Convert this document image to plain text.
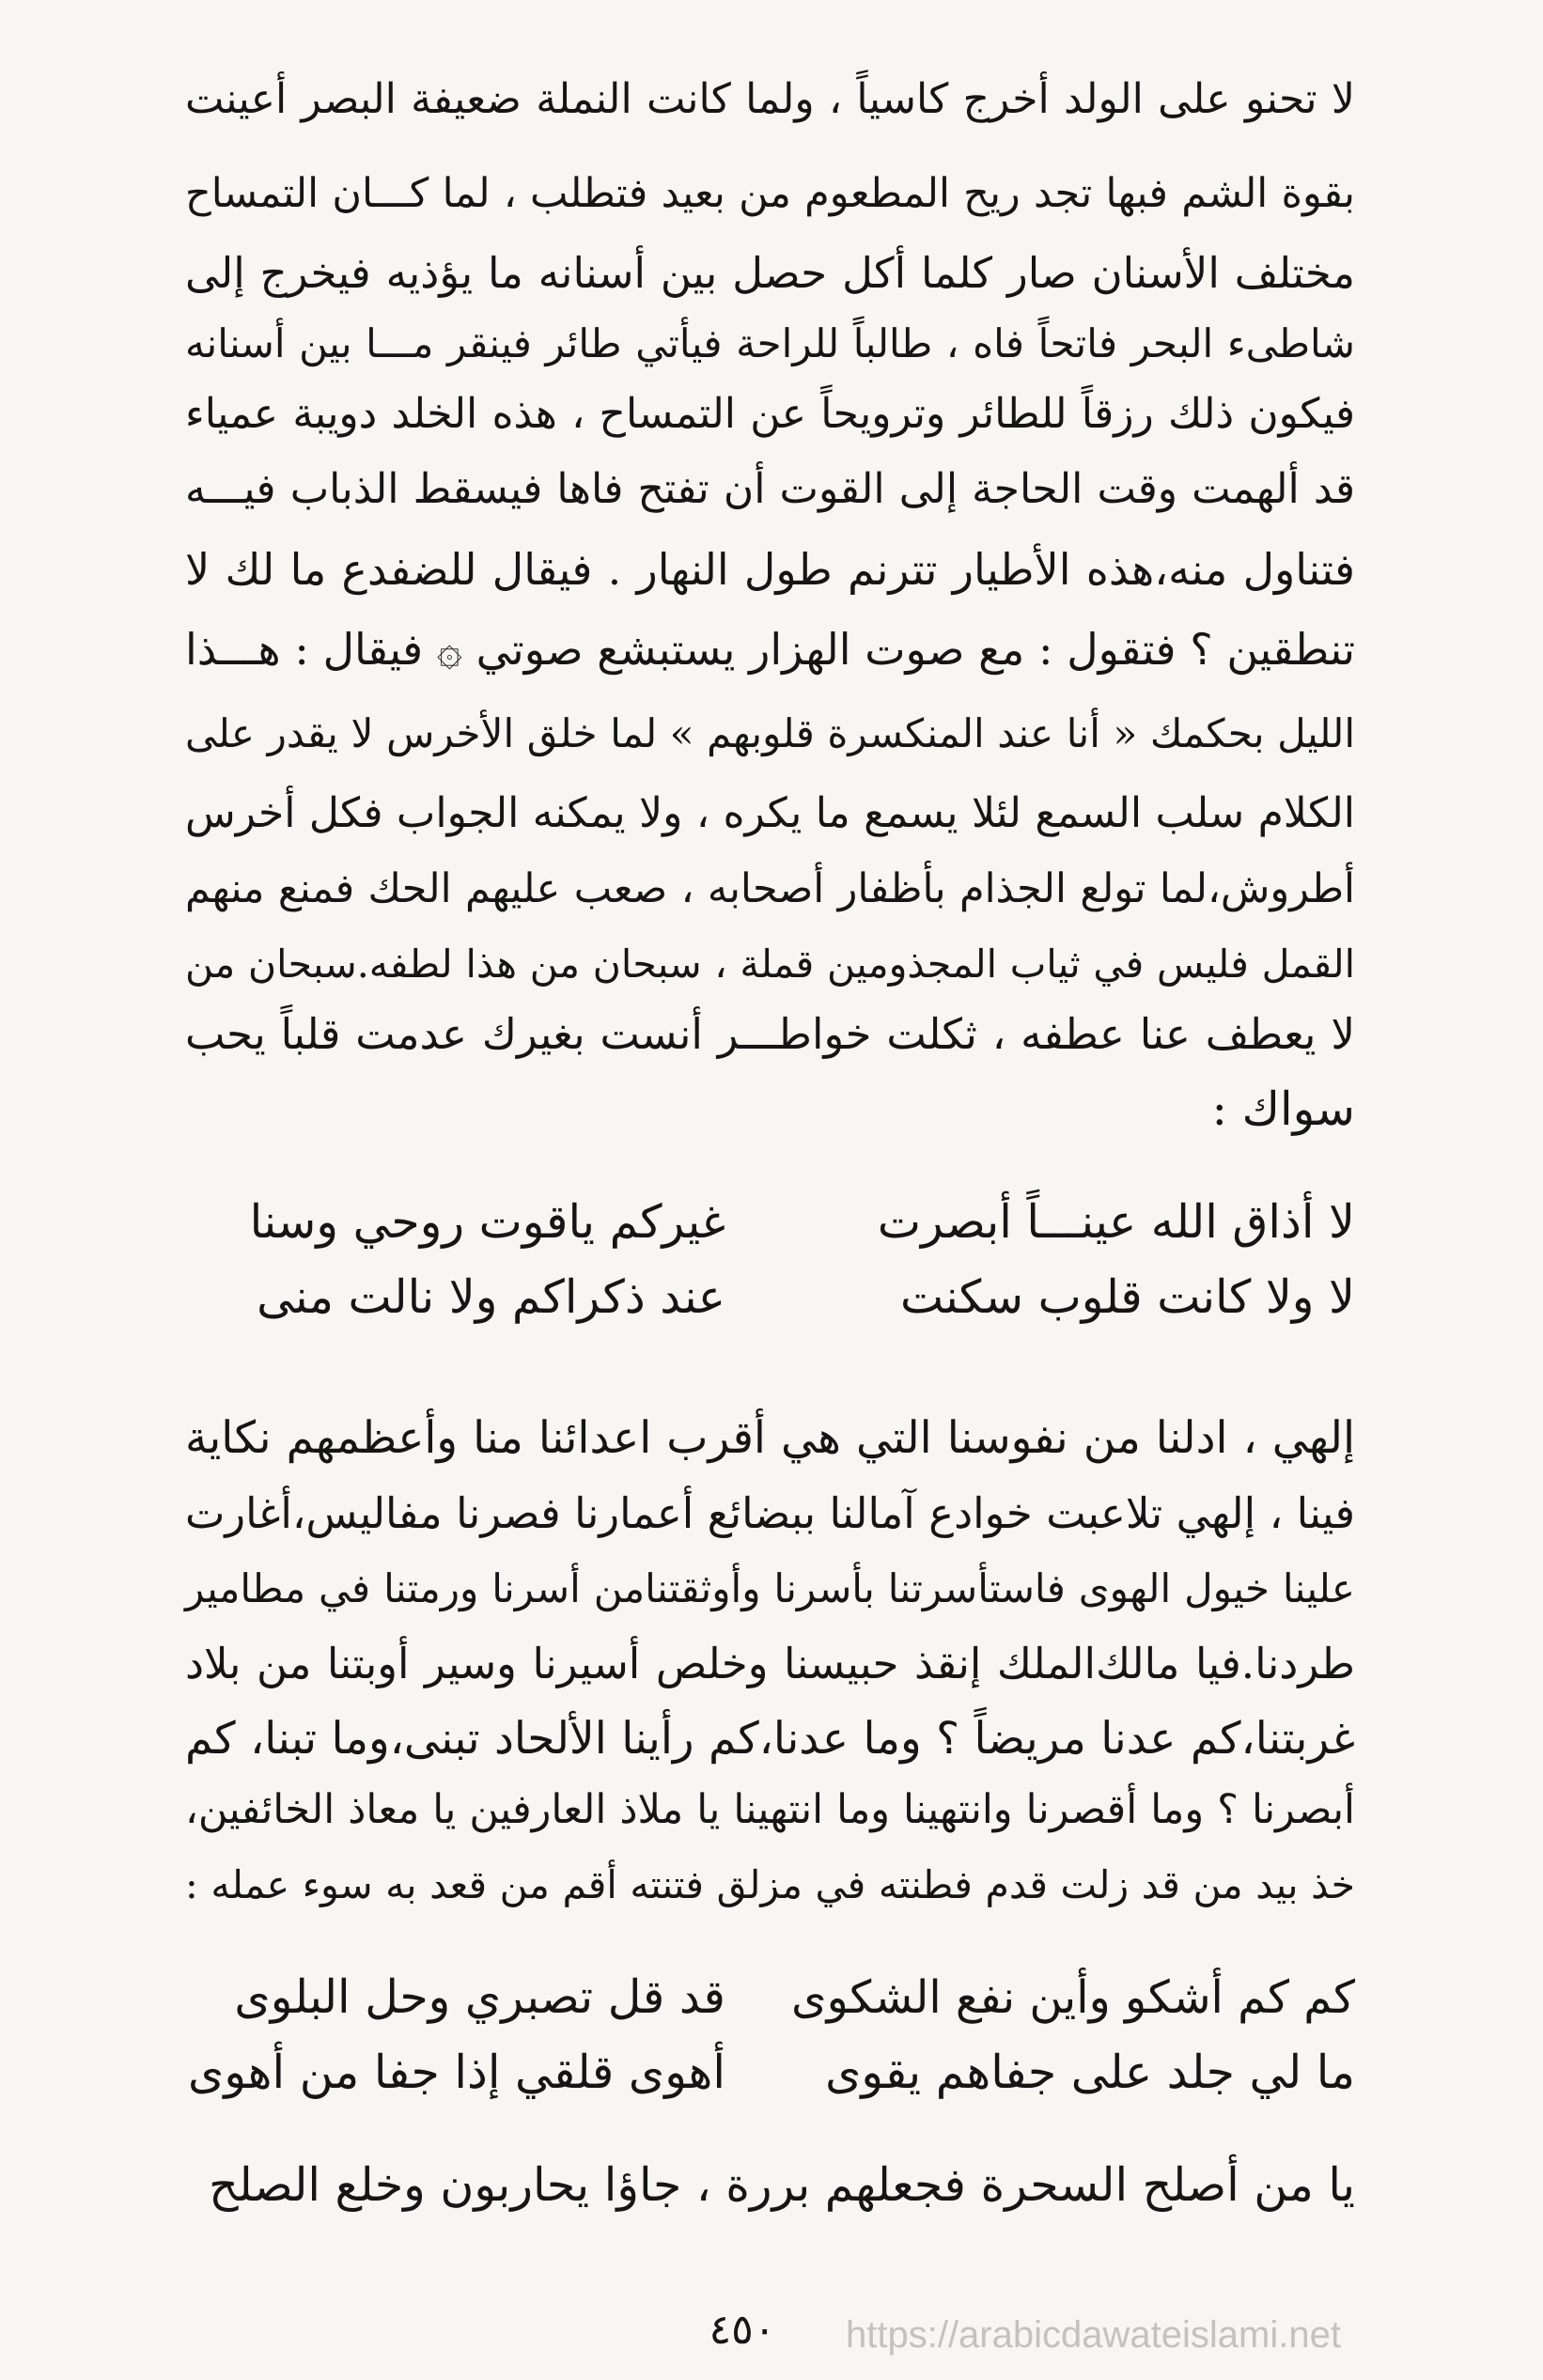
لا تحنو على الولد أخرج كاسياً ، ولما كانت النملة ضعيفة البصر أعينت
بقوة الشم فبها تجد ريح المطعوم من بعيد فتطلب ، لما كـــان التمساح
مختلف الأسنان صار كلما أكل حصل بين أسنانه ما يؤذيه فيخرج إلى
شاطىء البحر فاتحاً فاه ، طالباً للراحة فيأتي طائر فينقر مـــا بين أسنانه
فيكون ذلك رزقاً للطائر وترويحاً عن التمساح ، هذه الخلد دويبة عمياء
قد ألهمت وقت الحاجة إلى القوت أن تفتح فاها فيسقط الذباب فيـــه
فتناول منه،هذه الأطيار تترنم طول النهار . فيقال للضفدع ما لك لا
تنطقين ؟ فتقول : مع صوت الهزار يستبشع صوتي ۞ فيقال : هـــذا
الليل بحكمك « أنا عند المنكسرة قلوبهم » لما خلق الأخرس لا يقدر على
الكلام سلب السمع لئلا يسمع ما يكره ، ولا يمكنه الجواب فكل أخرس
أطروش،لما تولع الجذام بأظفار أصحابه ، صعب عليهم الحك فمنع منهم
القمل فليس في ثياب المجذومين قملة ، سبحان من هذا لطفه.سبحان من
لا يعطف عنا عطفه ، ثكلت خواطـــر أنست بغيرك عدمت قلباً يحب
سواك :
لا أذاق الله عينـــاً أبصرت
غيركم ياقوت روحي وسنا
لا ولا كانت قلوب سكنت
عند ذكراكم ولا نالت منى
إلهي ، ادلنا من نفوسنا التي هي أقرب اعدائنا منا وأعظمهم نكاية
فينا ، إلهي تلاعبت خوادع آمالنا ببضائع أعمارنا فصرنا مفاليس،أغارت
علينا خيول الهوى فاستأسرتنا بأسرنا وأوثقتنامن أسرنا ورمتنا في مطامير
طردنا.فيا مالك‌الملك إنقذ حبيسنا وخلص أسيرنا وسير أوبتنا من بلاد
غربتنا،كم عدنا مريضاً ؟ وما عدنا،كم رأينا الألحاد تبنى،وما تبنا، كم
أبصرنا ؟ وما أقصرنا وانتهينا وما انتهينا يا ملاذ العارفين يا معاذ الخائفين،
خذ بيد من قد زلت قدم فطنته في مزلق فتنته أقم من قعد به سوء عمله :
كم كم أشكو وأين نفع الشكوى
قد قل تصبري وحل البلوى
ما لي جلد على جفاهم يقوى
أهوى قلقي إذا جفا من أهوى
يا من أصلح السحرة فجعلهم بررة ، جاؤا يحاربون وخلع الصلح
٤٥٠	https://arabicdawateislami.net
